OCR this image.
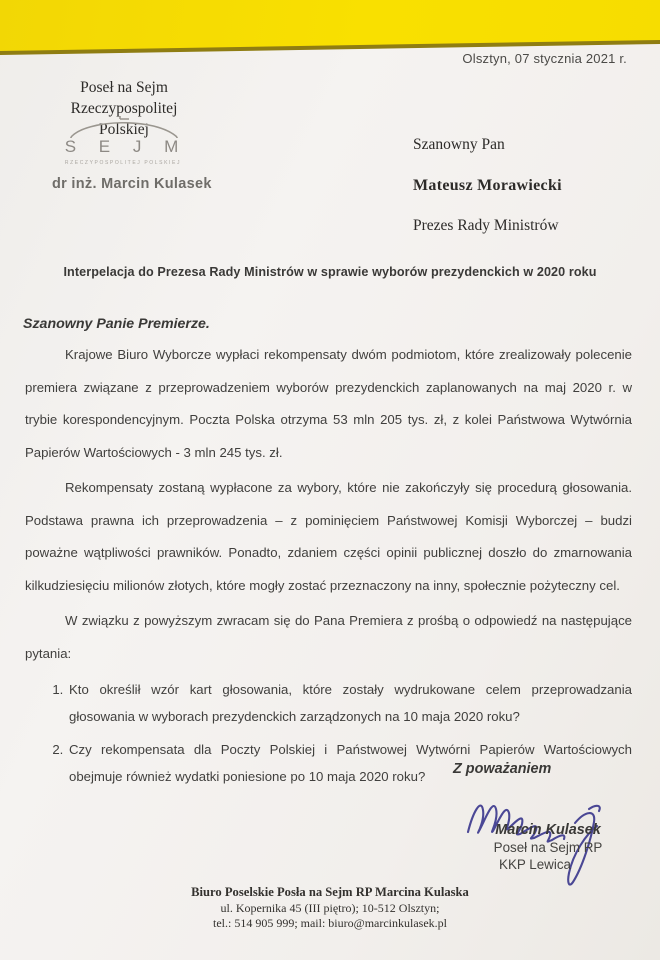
Olsztyn, 07 stycznia 2021 r.
Poseł na Sejm
Rzeczypospolitej Polskiej
S E J M
RZECZYPOSPOLITEJ POLSKIEJ
dr inż. Marcin Kulasek
Szanowny Pan
Mateusz Morawiecki
Prezes Rady Ministrów
Interpelacja do Prezesa Rady Ministrów w sprawie wyborów prezydenckich w 2020 roku
Szanowny Panie Premierze.

Krajowe Biuro Wyborcze wypłaci rekompensaty dwóm podmiotom, które zrealizowały polecenie premiera związane z przeprowadzeniem wyborów prezydenckich zaplanowanych na maj 2020 r. w trybie korespondencyjnym. Poczta Polska otrzyma 53 mln 205 tys. zł, z kolei Państwowa Wytwórnia Papierów Wartościowych - 3 mln 245 tys. zł.

Rekompensaty zostaną wypłacone za wybory, które nie zakończyły się procedurą głosowania. Podstawa prawna ich przeprowadzenia – z pominięciem Państwowej Komisji Wyborczej – budzi poważne wątpliwości prawników. Ponadto, zdaniem części opinii publicznej doszło do zmarnowania kilkudziesięciu milionów złotych, które mogły zostać przeznaczony na inny, społecznie pożyteczny cel.

W związku z powyższym zwracam się do Pana Premiera z prośbą o odpowiedź na następujące pytania:

1. Kto określił wzór kart głosowania, które zostały wydrukowane celem przeprowadzania głosowania w wyborach prezydenckich zarządzonych na 10 maja 2020 roku?
2. Czy rekompensata dla Poczty Polskiej i Państwowej Wytwórni Papierów Wartościowych obejmuje również wydatki poniesione po 10 maja 2020 roku?	Z poważaniem
Marcin Kulasek
Poseł na Sejm RP
KKP Lewica
Biuro Poselskie Posła na Sejm RP Marcina Kulaska
ul. Kopernika 45 (III piętro); 10-512 Olsztyn;
tel.: 514 905 999; mail: biuro@marcinkulasek.pl
